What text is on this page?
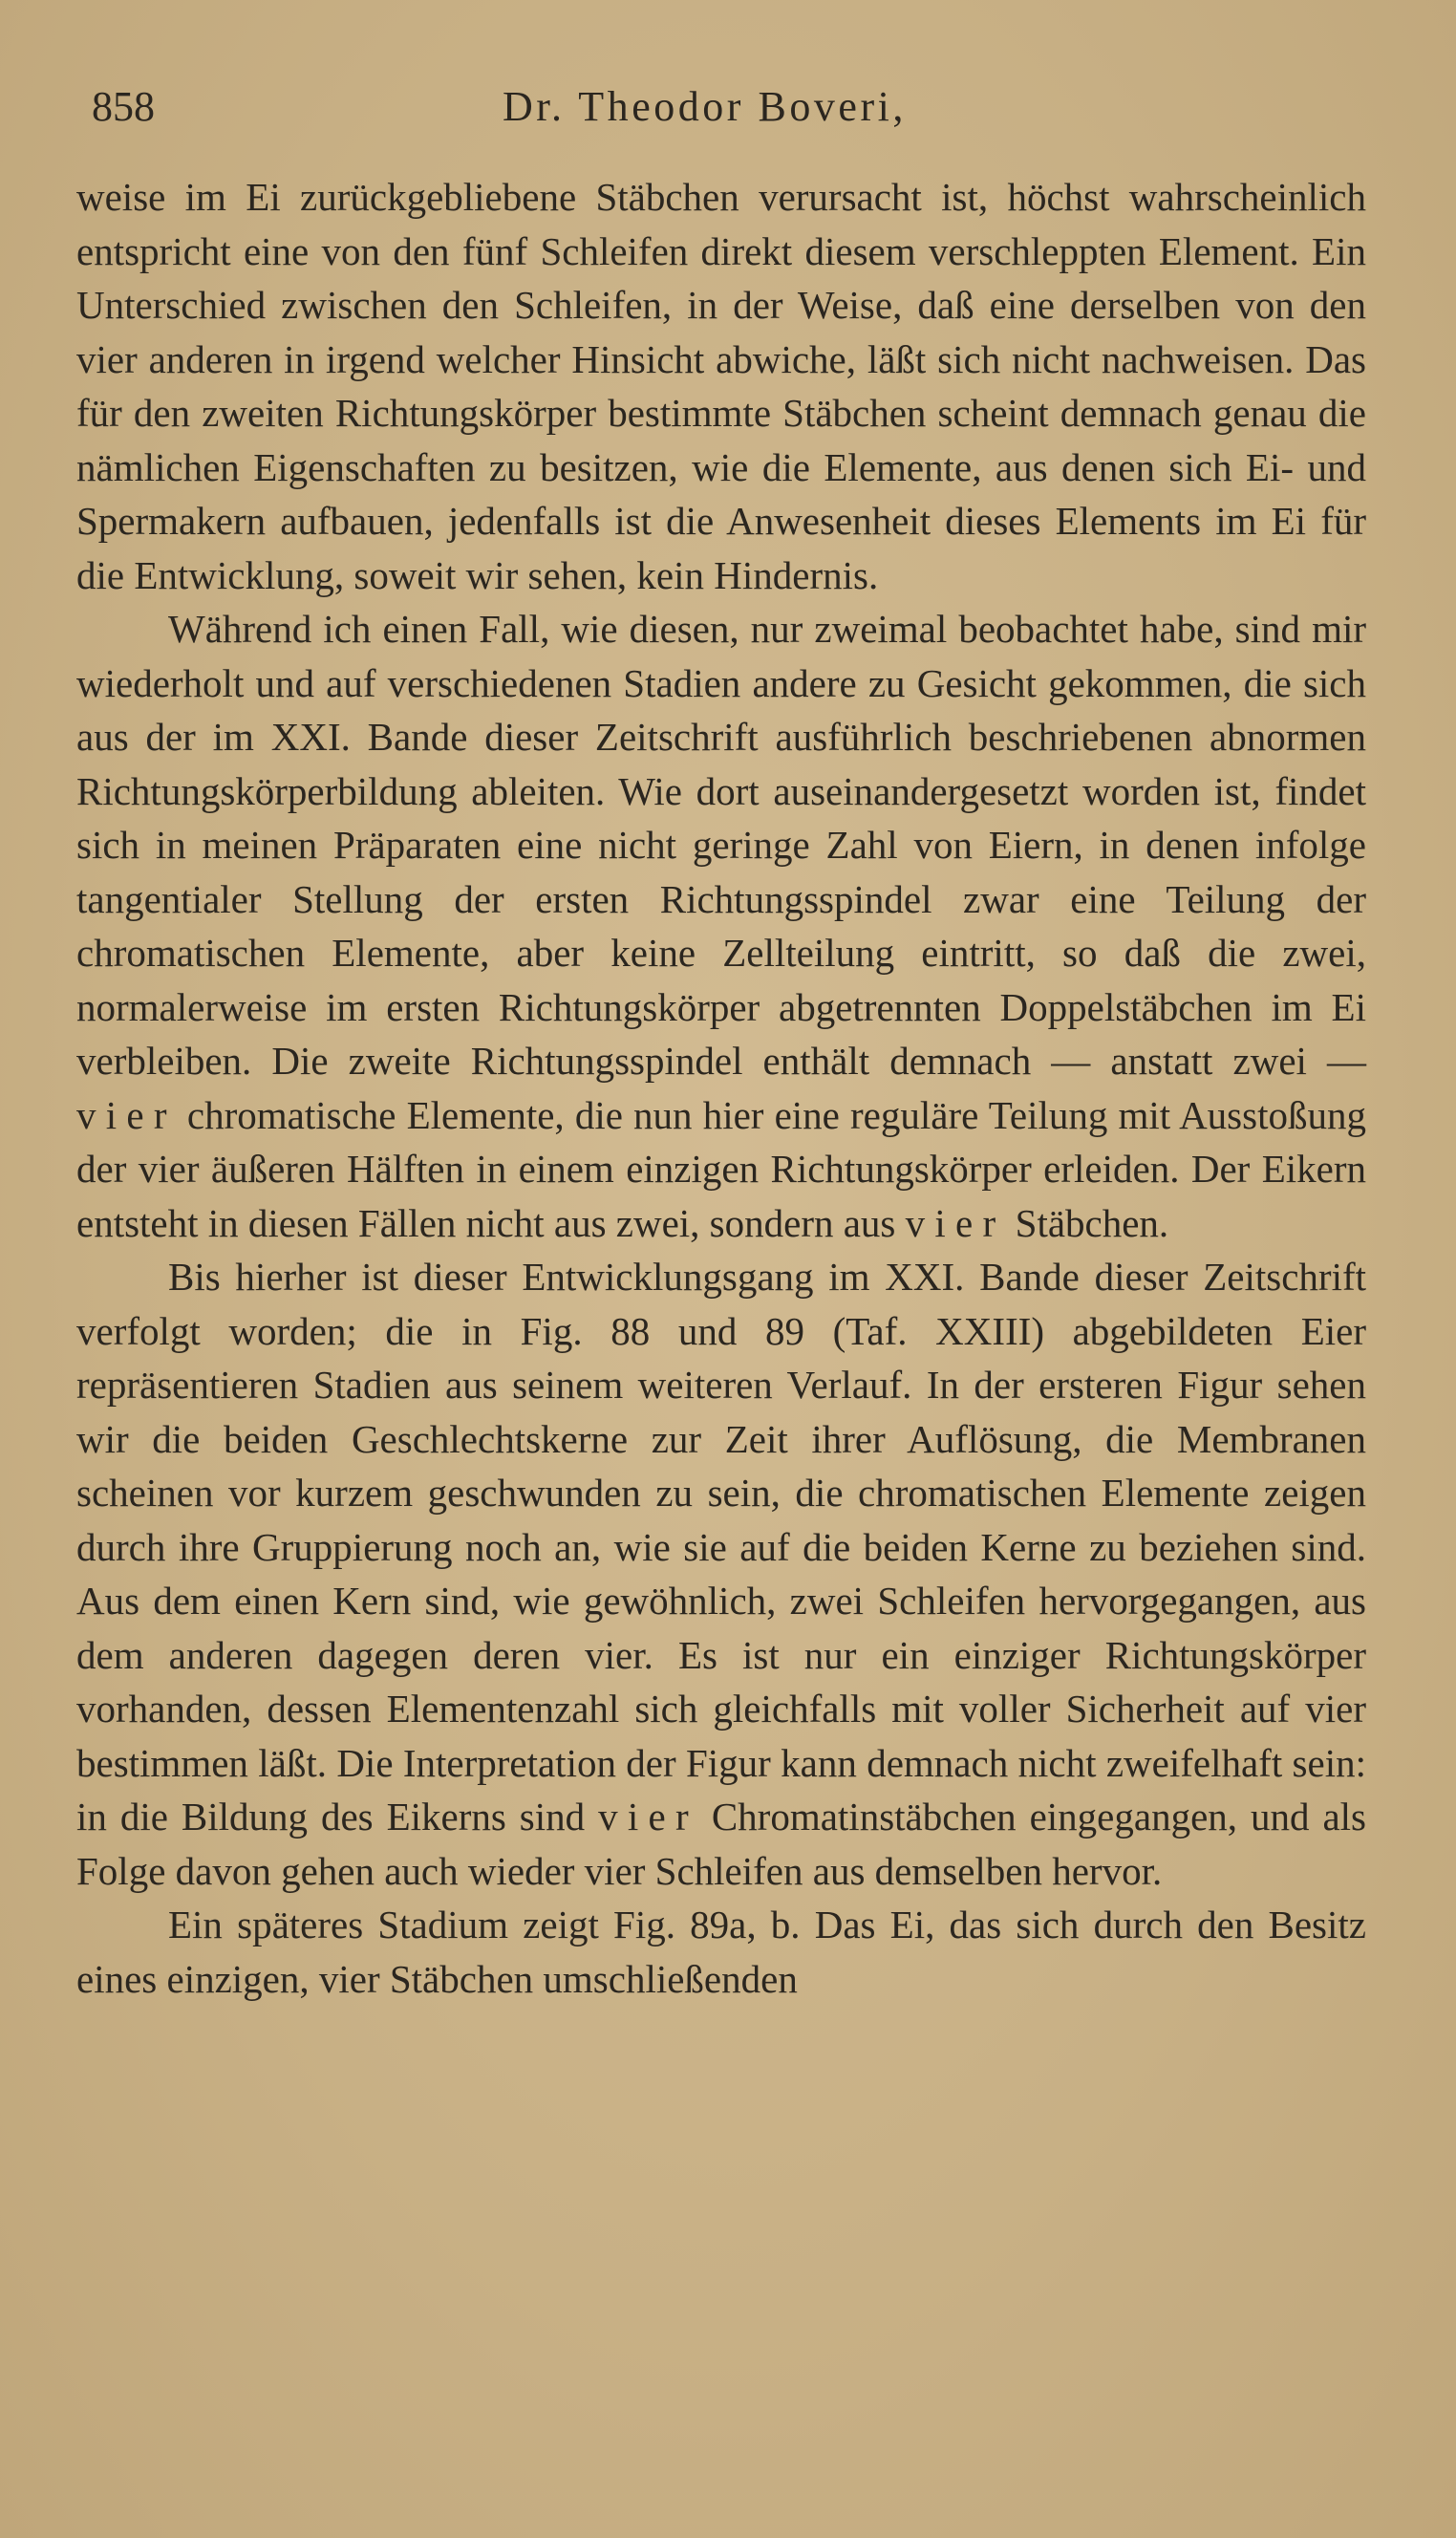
858	Dr. Theodor Boveri,

weise im Ei zurückgebliebene Stäbchen verursacht ist, höchst wahrscheinlich entspricht eine von den fünf Schleifen direkt diesem verschleppten Element. Ein Unterschied zwischen den Schleifen, in der Weise, daß eine derselben von den vier anderen in irgend welcher Hinsicht abwiche, läßt sich nicht nachweisen. Das für den zweiten Richtungskörper bestimmte Stäbchen scheint demnach genau die nämlichen Eigenschaften zu besitzen, wie die Elemente, aus denen sich Ei- und Spermakern aufbauen, jedenfalls ist die Anwesenheit dieses Elements im Ei für die Entwicklung, soweit wir sehen, kein Hindernis.

Während ich einen Fall, wie diesen, nur zweimal beobachtet habe, sind mir wiederholt und auf verschiedenen Stadien andere zu Gesicht gekommen, die sich aus der im XXI. Bande dieser Zeitschrift ausführlich beschriebenen abnormen Richtungskörperbildung ableiten. Wie dort auseinandergesetzt worden ist, findet sich in meinen Präparaten eine nicht geringe Zahl von Eiern, in denen infolge tangentialer Stellung der ersten Richtungsspindel zwar eine Teilung der chromatischen Elemente, aber keine Zellteilung eintritt, so daß die zwei, normalerweise im ersten Richtungskörper abgetrennten Doppelstäbchen im Ei verbleiben. Die zweite Richtungsspindel enthält demnach — anstatt zwei — vier chromatische Elemente, die nun hier eine reguläre Teilung mit Ausstoßung der vier äußeren Hälften in einem einzigen Richtungskörper erleiden. Der Eikern entsteht in diesen Fällen nicht aus zwei, sondern aus vier Stäbchen.

Bis hierher ist dieser Entwicklungsgang im XXI. Bande dieser Zeitschrift verfolgt worden; die in Fig. 88 und 89 (Taf. XXIII) abgebildeten Eier repräsentieren Stadien aus seinem weiteren Verlauf. In der ersteren Figur sehen wir die beiden Geschlechtskerne zur Zeit ihrer Auflösung, die Membranen scheinen vor kurzem geschwunden zu sein, die chromatischen Elemente zeigen durch ihre Gruppierung noch an, wie sie auf die beiden Kerne zu beziehen sind. Aus dem einen Kern sind, wie gewöhnlich, zwei Schleifen hervorgegangen, aus dem anderen dagegen deren vier. Es ist nur ein einziger Richtungskörper vorhanden, dessen Elementenzahl sich gleichfalls mit voller Sicherheit auf vier bestimmen läßt. Die Interpretation der Figur kann demnach nicht zweifelhaft sein: in die Bildung des Eikerns sind vier Chromatinstäbchen eingegangen, und als Folge davon gehen auch wieder vier Schleifen aus demselben hervor.

Ein späteres Stadium zeigt Fig. 89a, b. Das Ei, das sich durch den Besitz eines einzigen, vier Stäbchen umschließenden
